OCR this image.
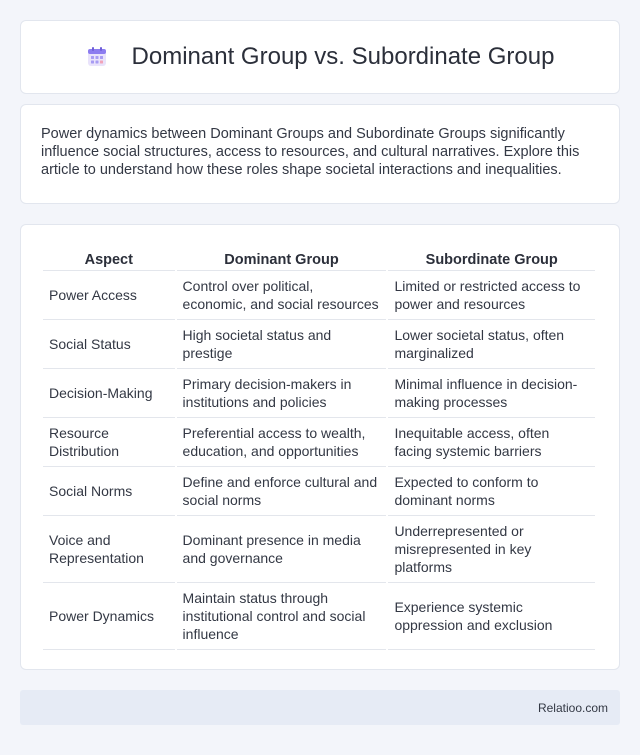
Dominant Group vs. Subordinate Group

Power dynamics between Dominant Groups and Subordinate Groups significantly influence social structures, access to resources, and cultural narratives. Explore this article to understand how these roles shape societal interactions and inequalities.

Aspect	Dominant Group	Subordinate Group
Power Access	Control over political, economic, and social resources	Limited or restricted access to power and resources
Social Status	High societal status and prestige	Lower societal status, often marginalized
Decision-Making	Primary decision-makers in institutions and policies	Minimal influence in decision-making processes
Resource Distribution	Preferential access to wealth, education, and opportunities	Inequitable access, often facing systemic barriers
Social Norms	Define and enforce cultural and social norms	Expected to conform to dominant norms
Voice and Representation	Dominant presence in media and governance	Underrepresented or misrepresented in key platforms
Power Dynamics	Maintain status through institutional control and social influence	Experience systemic oppression and exclusion
Relatioo.com
